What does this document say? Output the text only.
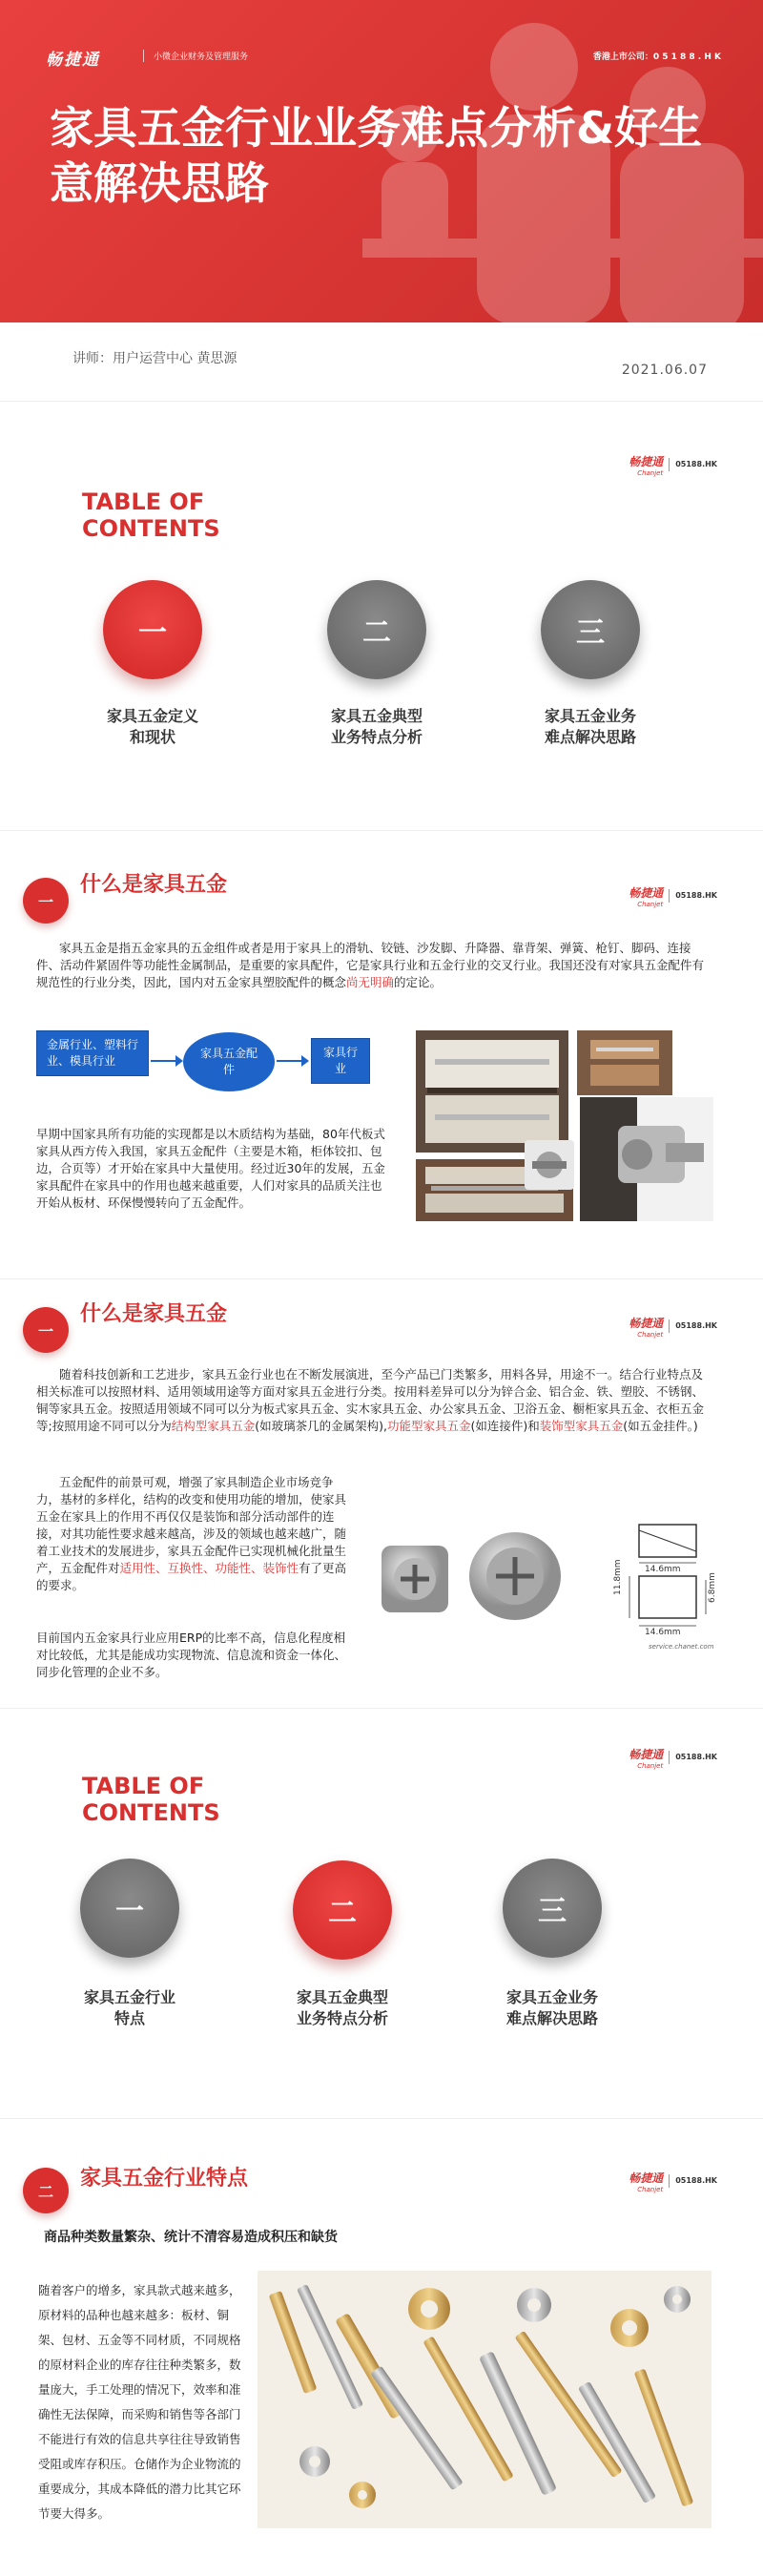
畅捷通	小微企业财务及管理服务	香港上市公司：0 5 1 8 8 . H K
家具五金行业业务难点分析&好生意解决思路
讲师：用户运营中心 黄思源
2021.06.07
畅捷通
Chanjet
05188.HK
TABLE OF
CONTENTS
一	二	三
家具五金定义
和现状
家具五金典型
业务特点分析
家具五金业务
难点解决思路
一
什么是家具五金	畅捷通
Chanjet
05188.HK
家具五金是指五金家具的五金组件或者是用于家具上的滑轨、铰链、沙发脚、升降器、靠背架、弹簧、枪钉、脚码、连接件、活动件紧固件等功能性金属制品，是重要的家具配件，它是家具行业和五金行业的交叉行业。我国还没有对家具五金配件有规范性的行业分类，因此，国内对五金家具塑胶配件的概念尚无明确的定论。
金属行业、塑料行业、模具行业
家具五金配件
家具行业
早期中国家具所有功能的实现都是以木质结构为基础，80年代板式家具从西方传入我国，家具五金配件（主要是木箱，柜体铰扣、包边，合页等）才开始在家具中大量使用。经过近30年的发展，五金家具配件在家具中的作用也越来越重要，人们对家具的品质关注也开始从板材、环保慢慢转向了五金配件。
一
什么是家具五金	畅捷通
Chanjet
05188.HK
随着科技创新和工艺进步，家具五金行业也在不断发展演进，至今产品已门类繁多，用料各异，用途不一。结合行业特点及相关标准可以按照材料、适用领域用途等方面对家具五金进行分类。按用料差异可以分为锌合金、铝合金、铁、塑胶、不锈钢、铜等家具五金。按照适用领域不同可以分为板式家具五金、实木家具五金、办公家具五金、卫浴五金、橱柜家具五金、衣柜五金等;按照用途不同可以分为结构型家具五金(如玻璃茶几的金属架构),功能型家具五金(如连接件)和装饰型家具五金(如五金挂件。)
五金配件的前景可观，增强了家具制造企业市场竞争力，基材的多样化，结构的改变和使用功能的增加，使家具五金在家具上的作用不再仅仅是装饰和部分活动部件的连接，对其功能性要求越来越高，涉及的领域也越来越广，随着工业技术的发展进步，家具五金配件已实现机械化批量生产，五金配件对适用性、互换性、功能性、装饰性有了更高的要求。
目前国内五金家具行业应用ERP的比率不高，信息化程度相对比较低，尤其是能成功实现物流、信息流和资金一体化、同步化管理的企业不多。
14.6mm
11.8mm	6.8mm
14.6mm
service.chanet.com
畅捷通
Chanjet
05188.HK
TABLE OF
CONTENTS
一	二	三
家具五金行业
特点
家具五金典型
业务特点分析
家具五金业务
难点解决思路
二
家具五金行业特点	畅捷通
Chanjet
05188.HK
商品种类数量繁杂、统计不清容易造成积压和缺货
随着客户的增多，家具款式越来越多，原材料的品种也越来越多：板材、铜架、包材、五金等不同材质，不同规格的原材料企业的库存往往种类繁多，数量庞大，手工处理的情况下，效率和准确性无法保障，而采购和销售等各部门不能进行有效的信息共享往往导致销售受阻或库存积压。仓储作为企业物流的重要成分，其成本降低的潜力比其它环节要大得多。
